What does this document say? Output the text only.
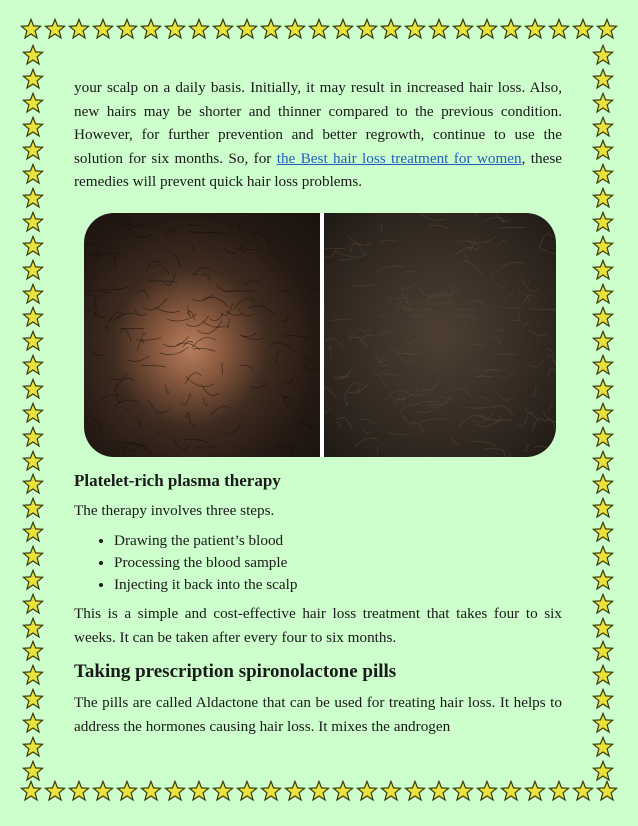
your scalp on a daily basis. Initially, it may result in increased hair loss. Also, new hairs may be shorter and thinner compared to the previous condition. However, for further prevention and better regrowth, continue to use the solution for six months. So, for the Best hair loss treatment for women, these remedies will prevent quick hair loss problems.

Platelet-rich plasma therapy

The therapy involves three steps.

• Drawing the patient’s blood
• Processing the blood sample
• Injecting it back into the scalp

This is a simple and cost-effective hair loss treatment that takes four to six weeks. It can be taken after every four to six months.

Taking prescription spironolactone pills

The pills are called Aldactone that can be used for treating hair loss. It helps to address the hormones causing hair loss. It mixes the androgen
